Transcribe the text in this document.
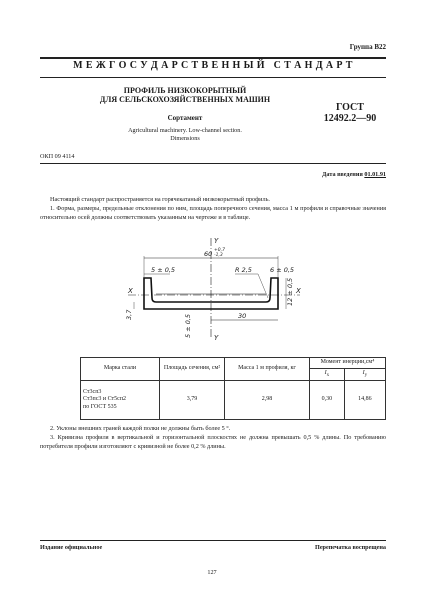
Группа В22
М Е Ж Г О С У Д А Р С Т В Е Н Н Ы Й   С Т А Н Д А Р Т
ПРОФИЛЬ НИЗКОКОРЫТНЫЙ
ДЛЯ СЕЛЬСКОХОЗЯЙСТВЕННЫХ МАШИН
ГОСТ
12492.2—90
Сортамент
Agricultural machinery. Low-channel section.
Dimensions
ОКП 09 4114
Дата введения 01.01.91
Настоящий стандарт распространяется на горячекатаный низкокорытный профиль.
1. Форма, размеры, предельные отклонения по ним, площадь поперечного сечения, масса 1 м профиля и справочные значения относительно осей должны соответствовать указанным на чертеже и в таблице.
60 +0,7
-1,3
5 ± 0,5	R 2,5	6 ± 0,5
12 ± 0,5
3,7	30
5 ± 0,5
Y
Y
X	X
Марка стали	Площадь сечения, см²	Масса 1 м профиля, кг	Момент инерции,см⁴	
			$I_x$	$I_y$

Ст3сп3
Ст3пс3 и Ст5сп2
по ГОСТ 535	3,79	2,98	0,30	14,86
2. Уклоны внешних граней каждой полки не должны быть более 5 °.
3. Кривизна профиля в вертикальной и горизонтальной плоскостях не должна превышать 0,5 % длины. По требованию потребителя профили изготовляют с кривизной не более 0,2 % длины.
Издание официальное	Перепечатка воспрещена
127
